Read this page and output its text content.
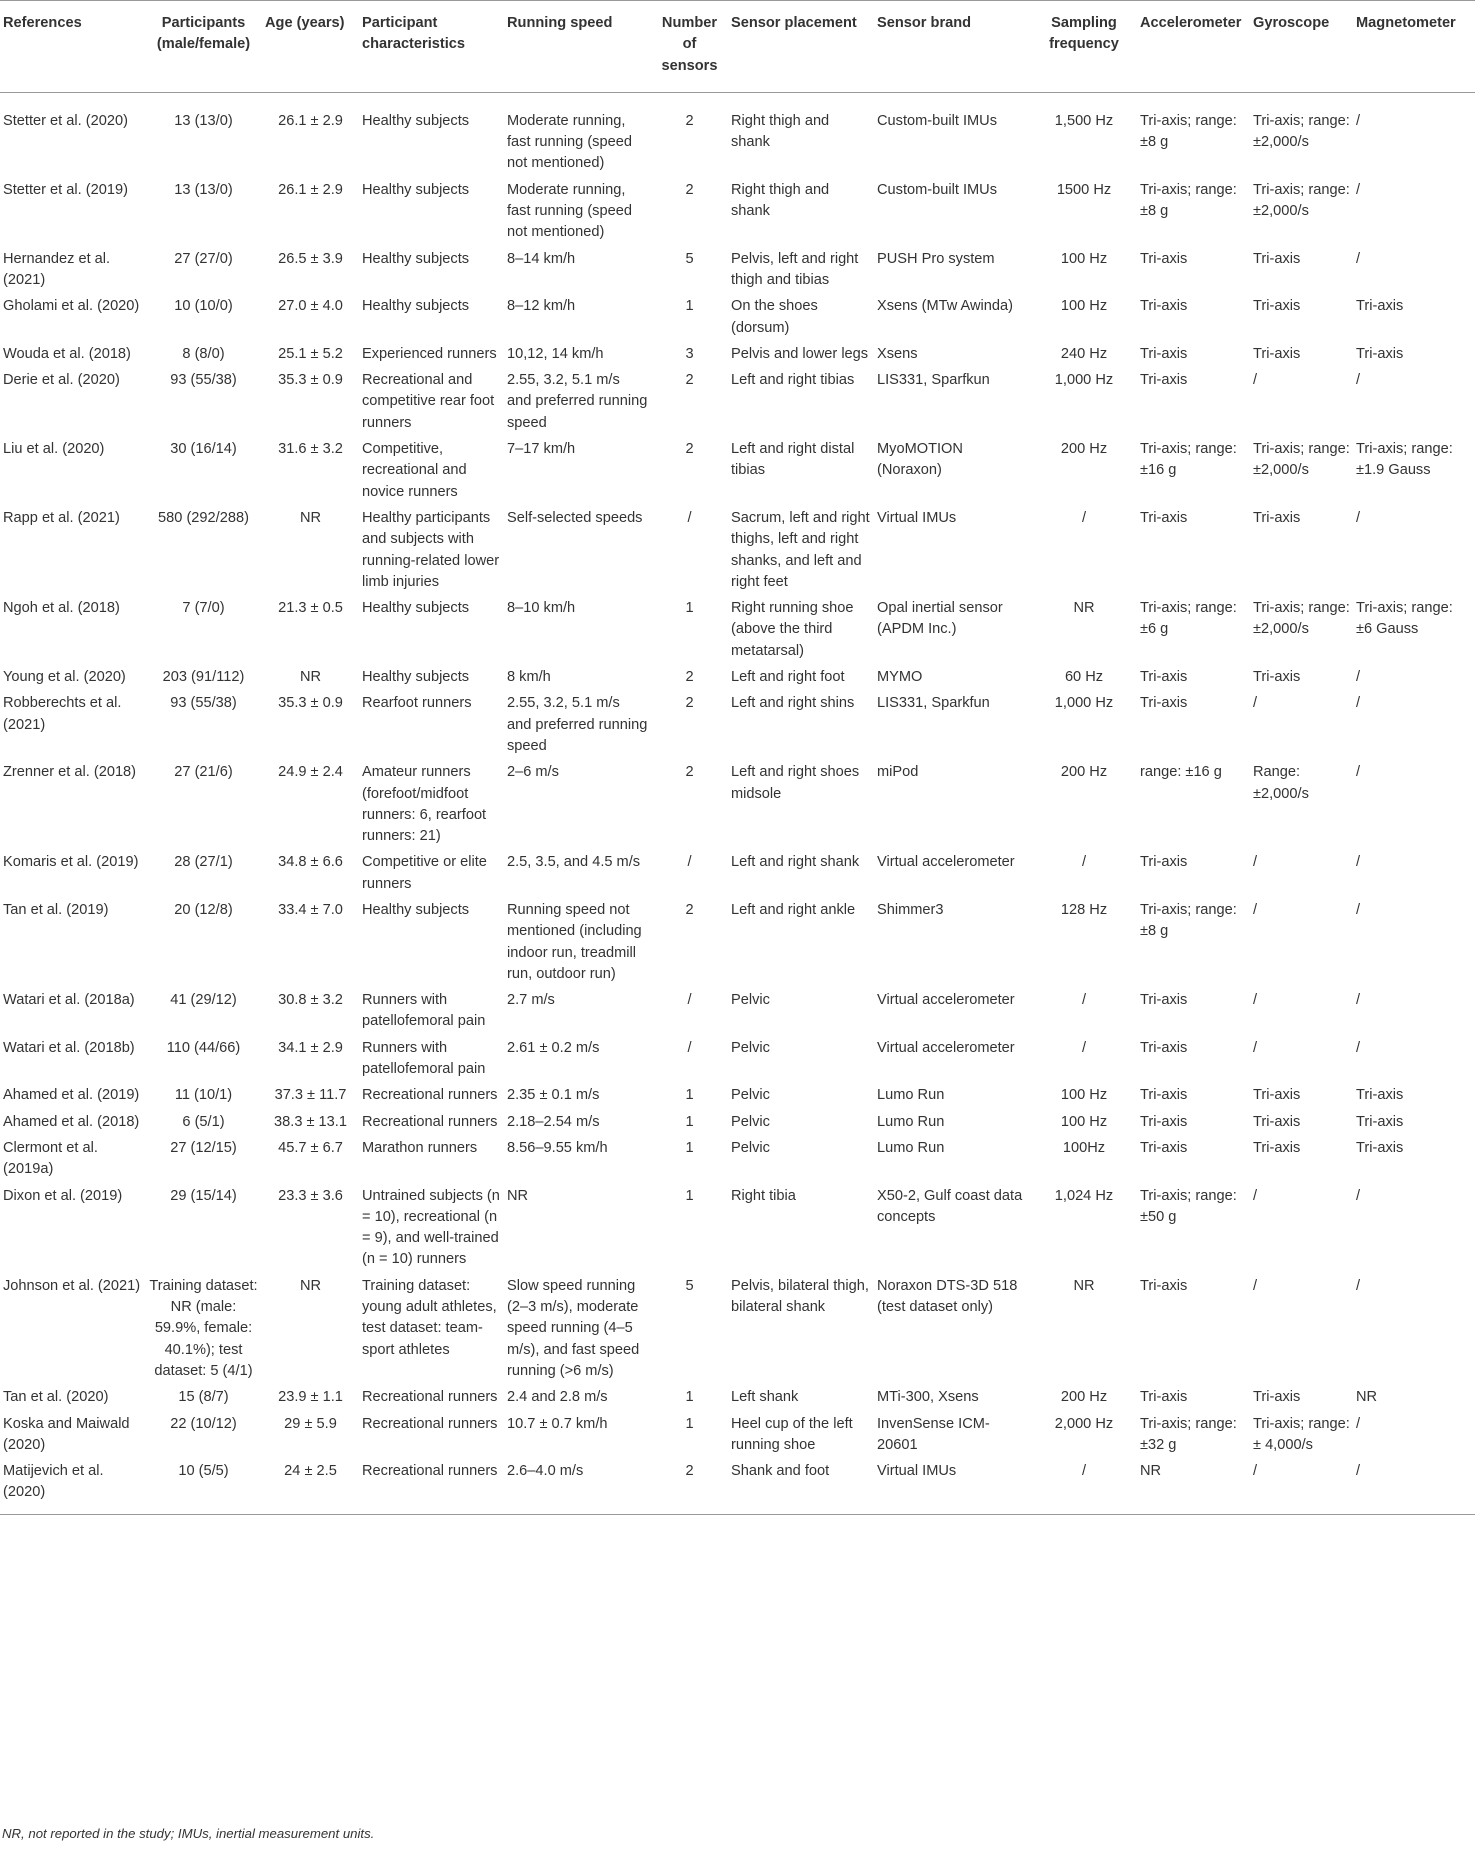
References	Participants (male/female)	Age (years)	Participant characteristics	Running speed	Number of sensors	Sensor placement	Sensor brand	Sampling frequency	Accelerometer	Gyroscope	Magnetometer
Stetter et al. (2020)	13 (13/0)	26.1 ± 2.9	Healthy subjects	Moderate running, fast running (speed not mentioned)	2	Right thigh and shank	Custom-built IMUs	1,500 Hz	Tri-axis; range: ±8 g	Tri-axis; range: ±2,000/s	/
Stetter et al. (2019)	13 (13/0)	26.1 ± 2.9	Healthy subjects	Moderate running, fast running (speed not mentioned)	2	Right thigh and shank	Custom-built IMUs	1500 Hz	Tri-axis; range: ±8 g	Tri-axis; range: ±2,000/s	/
Hernandez et al. (2021)	27 (27/0)	26.5 ± 3.9	Healthy subjects	8–14 km/h	5	Pelvis, left and right thigh and tibias	PUSH Pro system	100 Hz	Tri-axis	Tri-axis	/
Gholami et al. (2020)	10 (10/0)	27.0 ± 4.0	Healthy subjects	8–12 km/h	1	On the shoes (dorsum)	Xsens (MTw Awinda)	100 Hz	Tri-axis	Tri-axis	Tri-axis
Wouda et al. (2018)	8 (8/0)	25.1 ± 5.2	Experienced runners	10,12, 14 km/h	3	Pelvis and lower legs	Xsens	240 Hz	Tri-axis	Tri-axis	Tri-axis
Derie et al. (2020)	93 (55/38)	35.3 ± 0.9	Recreational and competitive rear foot runners	2.55, 3.2, 5.1 m/s and preferred running speed	2	Left and right tibias	LIS331, Sparfkun	1,000 Hz	Tri-axis	/	/
Liu et al. (2020)	30 (16/14)	31.6 ± 3.2	Competitive, recreational and novice runners	7–17 km/h	2	Left and right distal tibias	MyoMOTION (Noraxon)	200 Hz	Tri-axis; range: ±16 g	Tri-axis; range: ±2,000/s	Tri-axis; range: ±1.9 Gauss
Rapp et al. (2021)	580 (292/288)	NR	Healthy participants and subjects with running-related lower limb injuries	Self-selected speeds	/	Sacrum, left and right thighs, left and right shanks, and left and right feet	Virtual IMUs	/	Tri-axis	Tri-axis	/
Ngoh et al. (2018)	7 (7/0)	21.3 ± 0.5	Healthy subjects	8–10 km/h	1	Right running shoe (above the third metatarsal)	Opal inertial sensor (APDM Inc.)	NR	Tri-axis; range: ±6 g	Tri-axis; range: ±2,000/s	Tri-axis; range: ±6 Gauss
Young et al. (2020)	203 (91/112)	NR	Healthy subjects	8 km/h	2	Left and right foot	MYMO	60 Hz	Tri-axis	Tri-axis	/
Robberechts et al. (2021)	93 (55/38)	35.3 ± 0.9	Rearfoot runners	2.55, 3.2, 5.1 m/s and preferred running speed	2	Left and right shins	LIS331, Sparkfun	1,000 Hz	Tri-axis	/	/
Zrenner et al. (2018)	27 (21/6)	24.9 ± 2.4	Amateur runners (forefoot/midfoot runners: 6, rearfoot runners: 21)	2–6 m/s	2	Left and right shoes midsole	miPod	200 Hz	range: ±16 g	Range: ±2,000/s	/
Komaris et al. (2019)	28 (27/1)	34.8 ± 6.6	Competitive or elite runners	2.5, 3.5, and 4.5 m/s	/	Left and right shank	Virtual accelerometer	/	Tri-axis	/	/
Tan et al. (2019)	20 (12/8)	33.4 ± 7.0	Healthy subjects	Running speed not mentioned (including indoor run, treadmill run, outdoor run)	2	Left and right ankle	Shimmer3	128 Hz	Tri-axis; range: ±8 g	/	/
Watari et al. (2018a)	41 (29/12)	30.8 ± 3.2	Runners with patellofemoral pain	2.7 m/s	/	Pelvic	Virtual accelerometer	/	Tri-axis	/	/
Watari et al. (2018b)	110 (44/66)	34.1 ± 2.9	Runners with patellofemoral pain	2.61 ± 0.2 m/s	/	Pelvic	Virtual accelerometer	/	Tri-axis	/	/
Ahamed et al. (2019)	11 (10/1)	37.3 ± 11.7	Recreational runners	2.35 ± 0.1 m/s	1	Pelvic	Lumo Run	100 Hz	Tri-axis	Tri-axis	Tri-axis
Ahamed et al. (2018)	6 (5/1)	38.3 ± 13.1	Recreational runners	2.18–2.54 m/s	1	Pelvic	Lumo Run	100 Hz	Tri-axis	Tri-axis	Tri-axis
Clermont et al. (2019a)	27 (12/15)	45.7 ± 6.7	Marathon runners	8.56–9.55 km/h	1	Pelvic	Lumo Run	100Hz	Tri-axis	Tri-axis	Tri-axis
Dixon et al. (2019)	29 (15/14)	23.3 ± 3.6	Untrained subjects (n = 10), recreational (n = 9), and well-trained (n = 10) runners	NR	1	Right tibia	X50-2, Gulf coast data concepts	1,024 Hz	Tri-axis; range: ±50 g	/	/
Johnson et al. (2021)	Training dataset: NR (male: 59.9%, female: 40.1%); test dataset: 5 (4/1)	NR	Training dataset: young adult athletes, test dataset: team-sport athletes	Slow speed running (2–3 m/s), moderate speed running (4–5 m/s), and fast speed running (>6 m/s)	5	Pelvis, bilateral thigh, bilateral shank	Noraxon DTS-3D 518 (test dataset only)	NR	Tri-axis	/	/
Tan et al. (2020)	15 (8/7)	23.9 ± 1.1	Recreational runners	2.4 and 2.8 m/s	1	Left shank	MTi-300, Xsens	200 Hz	Tri-axis	Tri-axis	NR
Koska and Maiwald (2020)	22 (10/12)	29 ± 5.9	Recreational runners	10.7 ± 0.7 km/h	1	Heel cup of the left running shoe	InvenSense ICM-20601	2,000 Hz	Tri-axis; range: ±32 g	Tri-axis; range: ± 4,000/s	/
Matijevich et al. (2020)	10 (5/5)	24 ± 2.5	Recreational runners	2.6–4.0 m/s	2	Shank and foot	Virtual IMUs	/	NR	/	/
NR, not reported in the study; IMUs, inertial measurement units.
